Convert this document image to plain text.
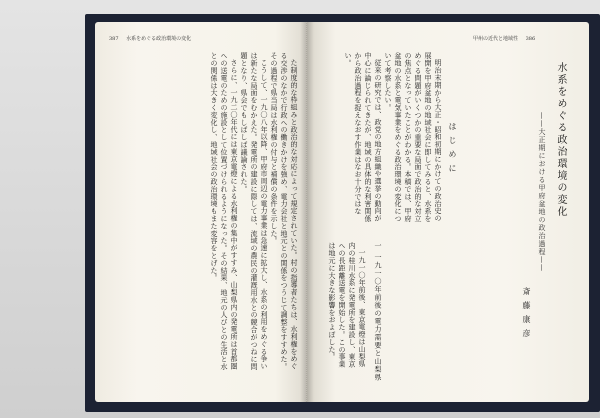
387 水系をめぐる政治環境の変化

た制度的な枠組みと政治的な対応によって規定されていた。村の指導者たちは、水利権をめぐる交渉のなかで行政への働きかけを強め、電力会社と地元との関係をつうじて調整をすすめた。その過程で県当局は水利権の付与と補償の条件を示した。

こうして、一九〇八年以降、甲府市周辺の電力事業は急速に拡大し、水系の利用をめぐる争いは新たな局面をむかえた。発電所の建設に際しては、流域の農民の灌漑用水との競合がつねに問題となり、県会でもしばしば議論された。

さらに、一九二〇年代には東京電燈による水利権の集中がすすみ、山梨県内の発電所は首都圏への送電のための施設として位置づけられるようになった。その結果、地元の人びとの生活と水との関係は大きく変化し、地域社会の政治環境もまた変容をとげた。

甲州の近代と地域性 386
水系をめぐる政治環境の変化
——大正期における甲府盆地の政治過程——
斎藤康彦
はじめに

明治末期から大正・昭和初期にかけての政治史の展開を甲府盆地の地域社会に即してみると、水系をめぐる問題がいくつかの重要な局面で政治的な対立の焦点となっていたことがわかる。本稿では、甲府盆地の水系と電気事業をめぐる政治環境の変化について考察したい。

従来の研究では、政党の地方組織や選挙の動向が中心に論じられてきたが、地域の具体的な利害関係から政治過程を捉えなおす作業はなお十分ではない。

一 一九一〇年前後の電力需要と山梨県

一九一〇年前後、東京電燈は山梨県内の桂川水系に発電所を建設し、東京への長距離送電を開始した。この事業は地元に大きな影響をおよぼした。
